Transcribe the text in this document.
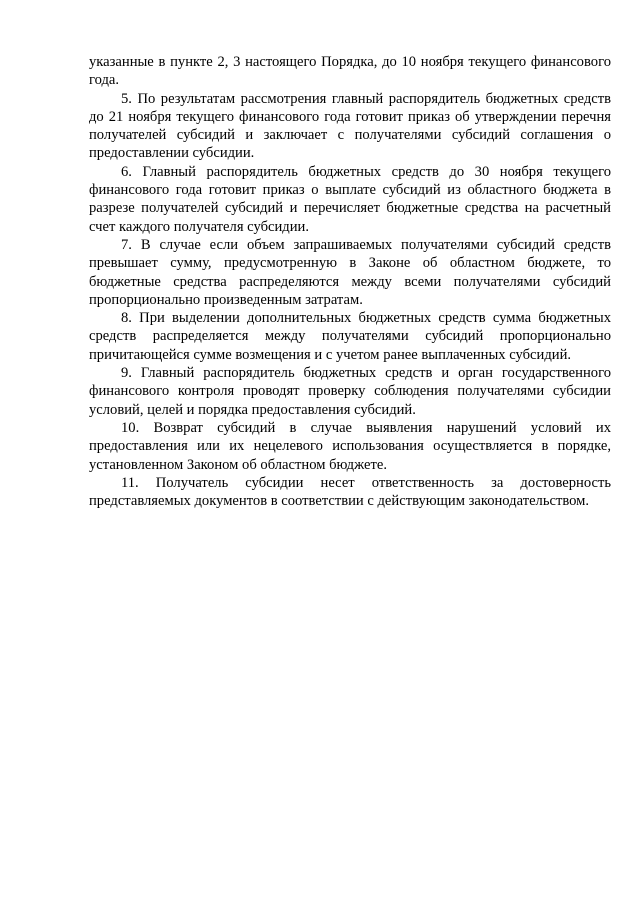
указанные в пункте 2, 3 настоящего Порядка, до 10 ноября текущего финансового года.

5. По результатам рассмотрения главный распорядитель бюджетных средств до 21 ноября текущего финансового года готовит приказ об утверждении перечня получателей субсидий и заключает с получателями субсидий соглашения о предоставлении субсидии.

6. Главный распорядитель бюджетных средств до 30 ноября текущего финансового года готовит приказ о выплате субсидий из областного бюджета в разрезе получателей субсидий и перечисляет бюджетные средства на расчетный счет каждого получателя субсидии.

7. В случае если объем запрашиваемых получателями субсидий средств превышает сумму, предусмотренную в Законе об областном бюджете, то бюджетные средства распределяются между всеми получателями субсидий пропорционально произведенным затратам.

8. При выделении дополнительных бюджетных средств сумма бюджетных средств распределяется между получателями субсидий пропорционально причитающейся сумме возмещения и с учетом ранее выплаченных субсидий.

9. Главный распорядитель бюджетных средств и орган государственного финансового контроля проводят проверку соблюдения получателями субсидии условий, целей и порядка предоставления субсидий.

10. Возврат субсидий в случае выявления нарушений условий их предоставления или их нецелевого использования осуществляется в порядке, установленном Законом об областном бюджете.

11. Получатель субсидии несет ответственность за достоверность представляемых документов в соответствии с действующим законодательством.
